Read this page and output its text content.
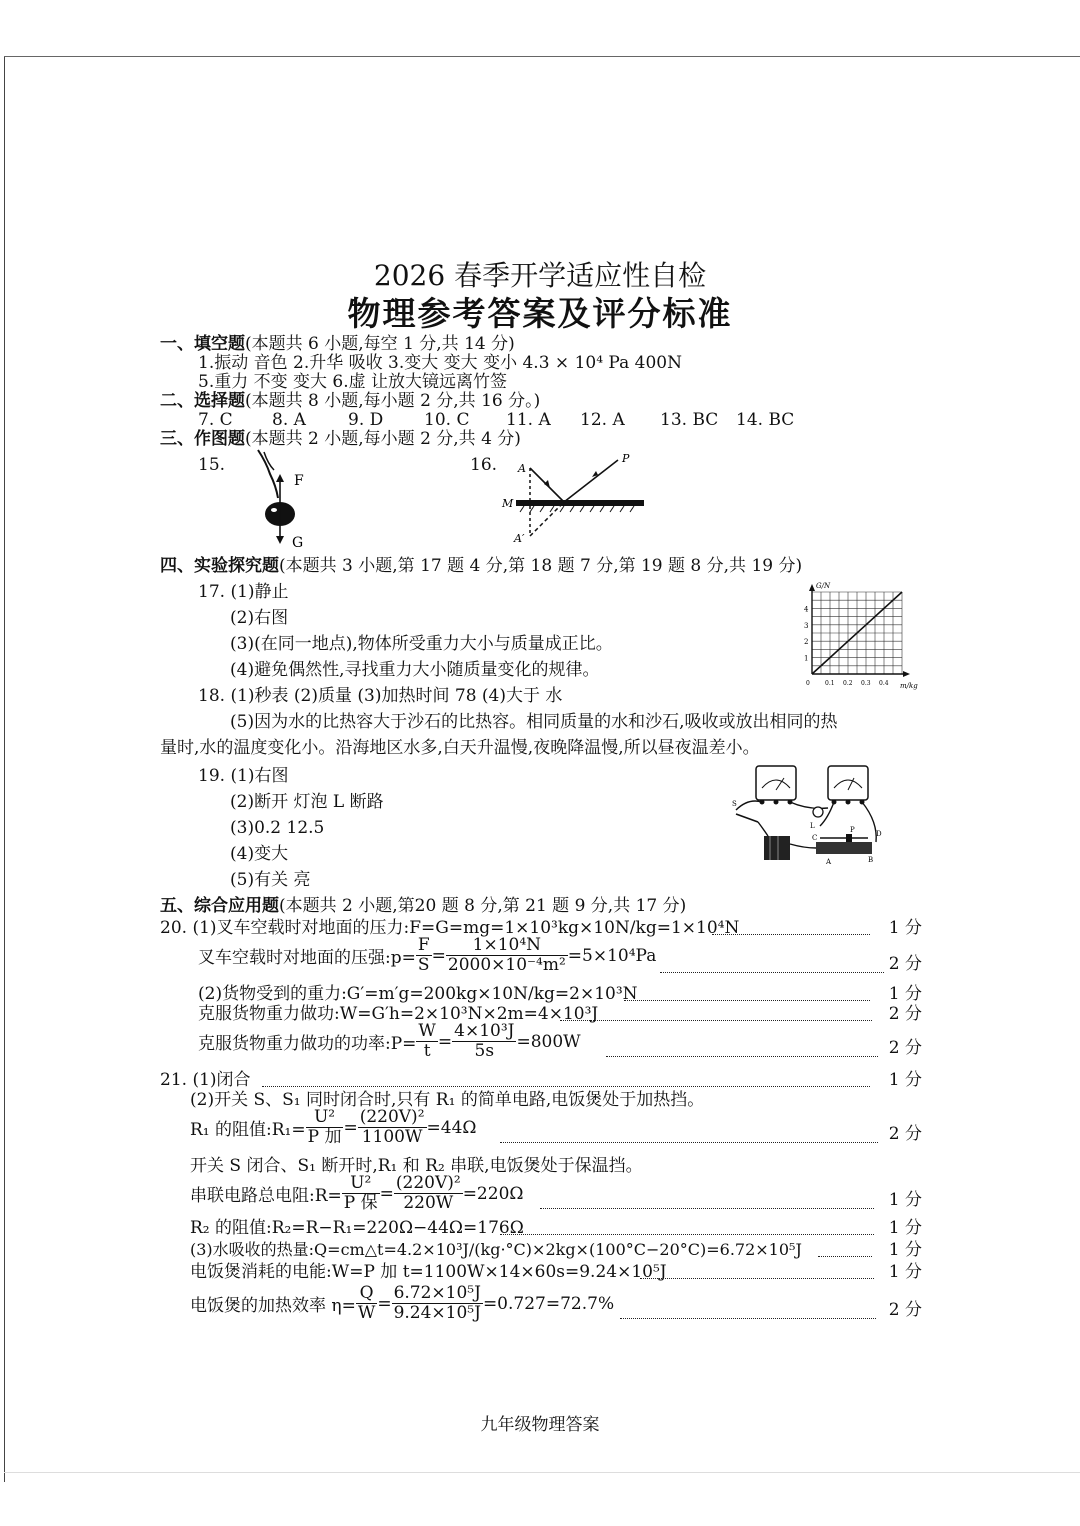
2026 春季开学适应性自检
物理参考答案及评分标准
一、填空题(本题共 6 小题,每空 1 分,共 14 分)
1.振动 音色 2.升华 吸收 3.变大 变大 变小 4.3 × 10⁴ Pa 400N
5.重力 不变 变大 6.虚 让放大镜远离竹签
二、选择题(本题共 8 小题,每小题 2 分,共 16 分。)
7. C 8. A 9. D 10. C 11. A 12. A 13. BC 14. BC
三、作图题(本题共 2 小题,每小题 2 分,共 4 分)
15.	16.
F
G
A
P
M
A′
四、实验探究题(本题共 3 小题,第 17 题 4 分,第 18 题 7 分,第 19 题 8 分,共 19 分)
17. (1)静止
(2)右图
(3)(在同一地点),物体所受重力大小与质量成正比。
(4)避免偶然性,寻找重力大小随质量变化的规律。
G/N
m/kg
1
2
3
4
0	0.1 0.2 0.3 0.4
18. (1)秒表 (2)质量 (3)加热时间 78 (4)大于 水
(5)因为水的比热容大于沙石的比热容。相同质量的水和沙石,吸收或放出相同的热
量时,水的温度变化小。沿海地区水多,白天升温慢,夜晚降温慢,所以昼夜温差小。
19. (1)右图
(2)断开 灯泡 L 断路
(3)0.2 12.5
(4)变大
(5)有关 亮
S
L
C
P	D
A	B
五、综合应用题(本题共 2 小题,第20 题 8 分,第 21 题 9 分,共 17 分)
20. (1)叉车空载时对地面的压力:F=G=mg=1×10³kg×10N/kg=1×10⁴N	1 分
叉车空载时对地面的压强:p= $\frac{F}{S} = \frac{\text{1×10⁴N}}{\text{2000×10⁻⁴m²}} =5\times 10^4Pa$	2 分
(2)货物受到的重力:G′=m′g=200kg×10N/kg=2×10³N	1 分
克服货物重力做功:W=G′h=2×10³N×2m=4×10³J	2 分
克服货物重力做功的功率:P= $\frac{W}{t} = \frac{\text{4×10³J}}{5s} =800W$	2 分
21. (1)闭合	1 分
(2)开关 S、S₁ 同时闭合时,只有 R₁ 的简单电路,电饭煲处于加热挡。
R₁ 的阻值:R₁= $\frac{\text{U²}}{\text{P 加}} = \frac{\text{(220V)²}}{1100W} =44\Omega$	2 分
开关 S 闭合、S₁ 断开时,R₁ 和 R₂ 串联,电饭煲处于保温挡。
串联电路总电阻:R= $\frac{\text{U²}}{\text{P 保}} = \frac{\text{(220V)²}}{220W} =220\Omega$	1 分
R₂ 的阻值:R₂=R−R₁=220Ω−44Ω=176Ω	1 分
(3)水吸收的热量:Q=cm△t=4.2×10³J/(kg·°C)×2kg×(100°C−20°C)=6.72×10⁵J	1 分
电饭煲消耗的电能:W=P 加 t=1100W×14×60s=9.24×10⁵J	1 分
电饭煲的加热效率 $\eta= \frac{Q}{W} = \frac{\text{6.72×10⁵J}}{\text{9.24×10⁵J}} =0.727=72.7\%$	2 分
九年级物理答案
